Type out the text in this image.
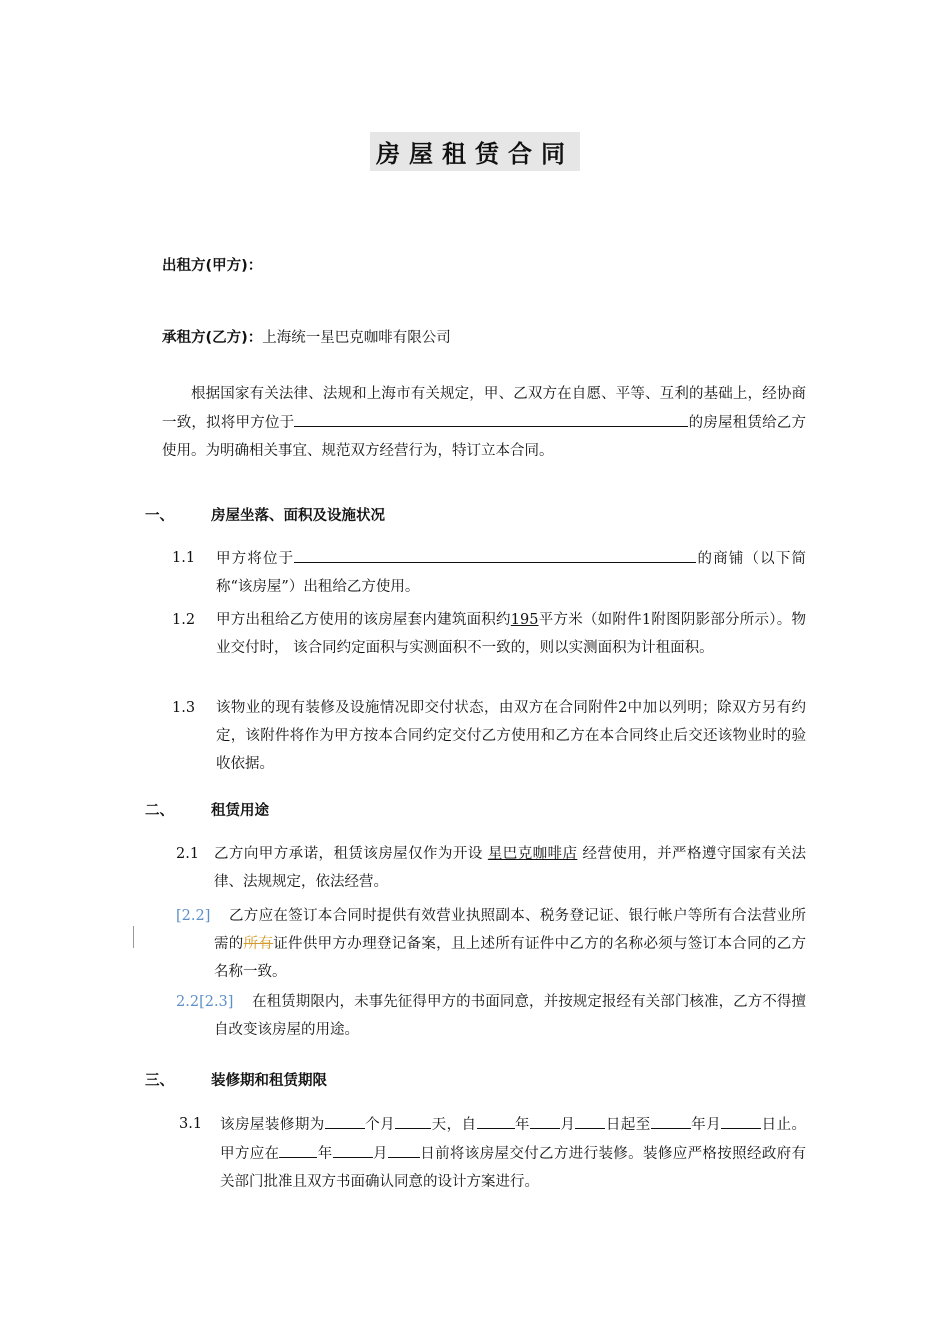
房屋租赁合同
出租方(甲方)：
承租方(乙方)：上海统一星巴克咖啡有限公司
根据国家有关法律、法规和上海市有关规定，甲、乙双方在自愿、平等、互利的基础上，经协商一致，拟将甲方位于	的房屋租赁给乙方使用。为明确相关事宜、规范双方经营行为，特订立本合同。
一、	房屋坐落、面积及设施状况
1.1 甲方将位于	的商铺（以下简称“该房屋”）出租给乙方使用。
1.2 甲方出租给乙方使用的该房屋套内建筑面积约195平方米（如附件1附图阴影部分所示）。物业交付时， 该合同约定面积与实测面积不一致的，则以实测面积为计租面积。
1.3 该物业的现有装修及设施情况即交付状态，由双方在合同附件2中加以列明；除双方另有约定，该附件将作为甲方按本合同约定交付乙方使用和乙方在本合同终止后交还该物业时的验收依据。
二、	租赁用途
2.1 乙方向甲方承诺，租赁该房屋仅作为开设 星巴克咖啡店 经营使用，并严格遵守国家有关法律、法规规定，依法经营。
[2.2]	乙方应在签订本合同时提供有效营业执照副本、税务登记证、银行帐户等所有合法营业所需的所有证件供甲方办理登记备案，且上述所有证件中乙方的名称必须与签订本合同的乙方名称一致。
2.2[2.3]	在租赁期限内，未事先征得甲方的书面同意，并按规定报经有关部门核准，乙方不得擅自改变该房屋的用途。
三、	装修期和租赁期限
3.1 该房屋装修期为	个月 天，自	年 月 日起至	年月	日止。甲方应在	年	月 日前将该房屋交付乙方进行装修。装修应严格按照经政府有 关部门批准且双方书面确认同意的设计方案进行。
